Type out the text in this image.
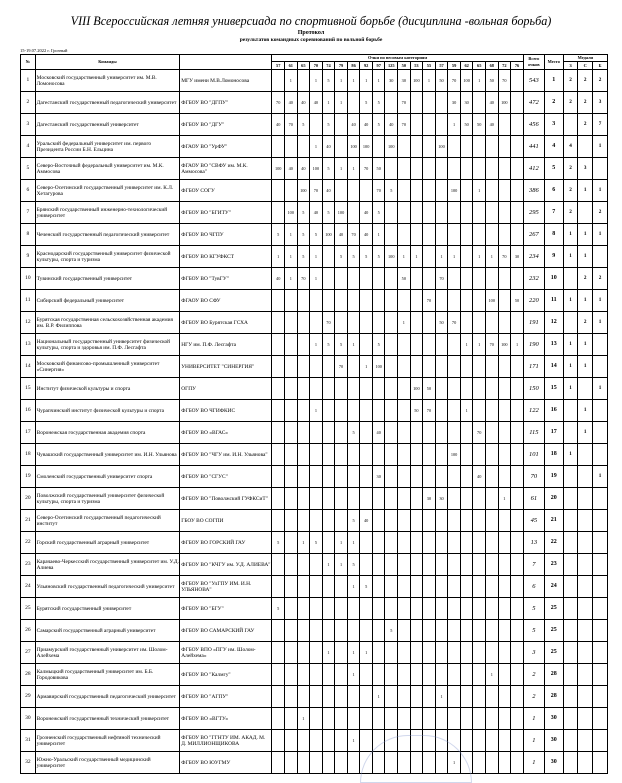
VIII Всероссийская летняя универсиада по спортивной борьбе (дисциплина -вольная борьба)
Протокол
результатов командных соревнований по вольной борьбе
15-19.07.2022 г. Грозный
№	Команды		Очки по весовым категориям																				Всего очков	Место	Медали		
			57	61	65	70	74	79	86	92	97	125	50	53	55	57	59	62	65	68	72	76			З	С	Б
1	Московский государственный университет им. М.В. Ломоносова	МГУ имени М.В.Ломоносова		1		1	5	1	1	1	1	30	30	100	1	50	70	100	1	50	70		543	1	2	2	2
2	Дагестанский государственный педагогический университет	ФГБОУ ВО "ДГПУ"	70	40	40	40	1	1		5	5		70				30	30		40	100		472	2	2	2	3
3	Дагестанский государственный университет	ФГБОУ ВО "ДГУ"	40	70	5		5		40	40	5	40	70				1	50	50	40			456	3		2	7
4	Уральский федеральный университет им. первого Президента России Б.Н. Ельцина	ФГАОУ ВО "УрФУ"				1	40		100	100		100				100							441	4	4		1
5	Северо-Восточный федеральный университет им. М.К. Аммосова	ФГАОУ ВО "СВФУ им. М.К. Аммосова"	100	40	40	100	5	1	1	70	50												412	5	2	3	
6	Северо-Осетинский государственный университет им. К.Л. Хетагурова	ФГБОУ СОГУ			100	70	40				70	5					100		1				386	6	2	1	1
7	Брянский государственный инженерно-технологический университет	ФГБОУ ВО "БГИТУ"		100	5	40	5	100		40	5												295	7	2		2
8	Чеченский государственный педагогический университет	ФГБОУ ВО ЧГПУ	5	1	5	5	100	40	70	40	1												267	8	1	1	1
9	Краснодарский государственный университет физической культуры, спорта и туризма	ФГБОУ ВО КГУФКСТ	1	1	5	1		5	5	5	5	100	1	1		1	1		1	1	70	30	234	9	1	1	
10	Тувинский государственный университет	ФГБОУ ВО "ТувГУ"	40	1	70	1							50			70							232	10		2	2
11	Сибирский федеральный университет	ФГАОУ ВО СФУ													70					100		50	220	11	1	1	1
12	Бурятская государственная сельскохозяйственная академия им. В.Р. Филиппова	ФГБОУ ВО Бурятская ГСХА					70						1			50	70						191	12		2	1
13	Национальный государственный университет физической культуры, спорта и здоровья им. П.Ф. Лесгафта	НГУ им. П.Ф. Лесгафта				1	5	5	1		5							1	1	70	100	1	190	13	1	1	
14	Московский финансово-промышленный университет «Синергия»	УНИВЕРСИТЕТ "СИНЕРГИЯ"						70		1	100												171	14	1	1	
15	Институт физической культуры и спорта	ОГПУ												100	50								150	15	1		1
16	Чурапчинский институт физической культуры и спорта	ФГБОУ ВО ЧГИФКИС				1								50	70			1					122	16		1	
17	Воронежская государственная академия спорта	ФГБОУ ВО «ВГАС»							5		40								70				115	17		1	
18	Чувашский государственный университет им. И.Н. Ульянова	ФГБОУ ВО "ЧГУ им. И.Н. Ульянова"															100						101	18	1		
19	Смоленский государственный университет спорта	ФГБОУ ВО "СГУС"									30								40				70	19			1
20	Поволжский государственный университет физической культуры, спорта и туризма	ФГБОУ ВО "Поволжский ГУФКСиТ"													30	30					1		61	20			
21	Северо-Осетинский государственный педагогический институт	ГБОУ ВО СОГПИ							5	40													45	21			
22	Горский государственный аграрный университет	ФГБОУ ВО ГОРСКИЙ ГАУ	5		1	5		1	1														13	22			
23	Карачаево-Черкесский государственный университет им. У.Д. Алиева	ФГБОУ ВО "КЧГУ им. У.Д. АЛИЕВА"					1	1	5														7	23			
24	Ульяновский государственный педагогический университет	ФГБОУ ВО "УлГПУ ИМ. И.Н. УЛЬЯНОВА"							1	5													6	24			
25	Бурятский государственный университет	ФГБОУ ВО "БГУ"	5																				5	25			
26	Самарский государственный аграрный университет	ФГБОУ ВО САМАРСКИЙ ГАУ										5											5	25			
27	Приамурский государственный университет им. Шолом-Алейхема	ФГБОУ ВПО «ПГУ им. Шолом-Алейхема»					1		1	1													3	25			
28	Калмыцкий государственный университет им. Б.Б. Городовикова	ФГБОУ ВО "Калмгу"							1											1			2	28			
29	Армавирский государственный педагогический университет	ФГБОУ ВО "АГПУ"									1					1							2	28			
30	Воронежский государственный технический университет	ФГБОУ ВО «ВГТУ»			1																		1	30			
31	Грозненский государственный нефтяной технический университет	ФГБОУ ВО "ГГНТУ ИМ. АКАД. М. Д. МИЛЛИОНЩИКОВА							1														1	30			
32	Южно-Уральский государственный медицинский университет	ФГБОУ ВО ЮУГМУ															1						1	30			
